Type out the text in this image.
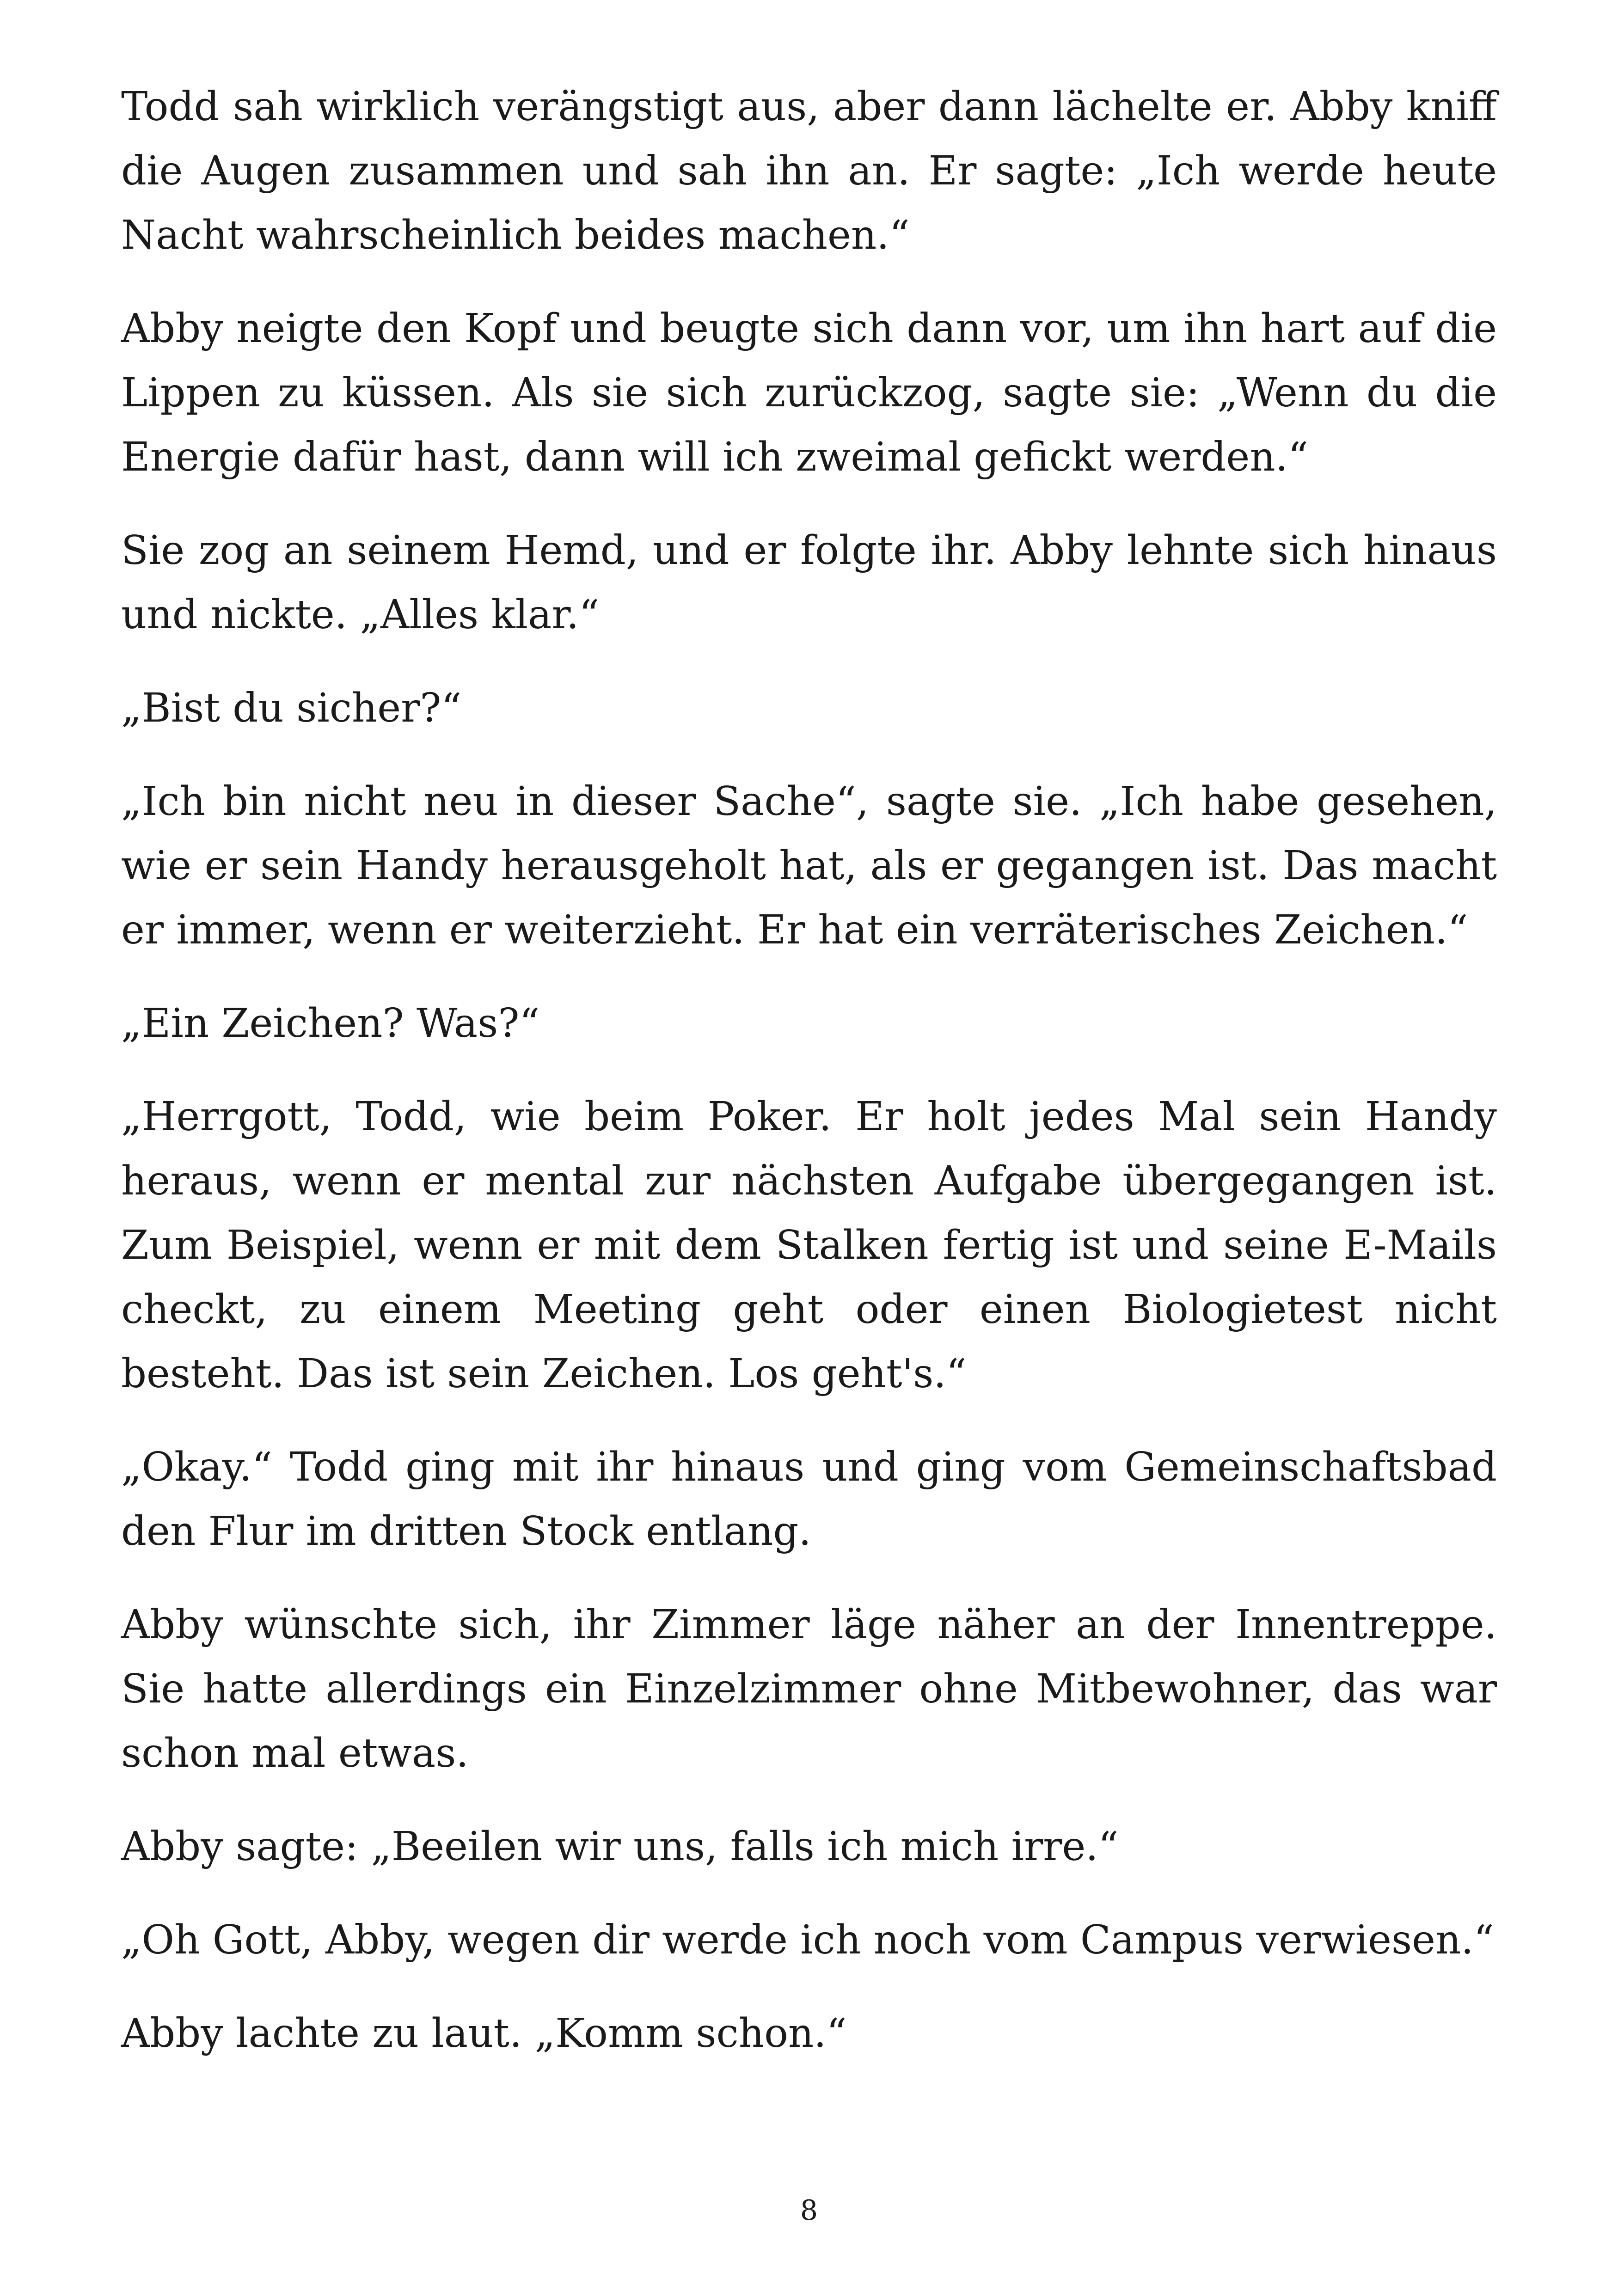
Todd sah wirklich verängstigt aus, aber dann lächelte er. Abby kniff die Augen zusammen und sah ihn an. Er sagte: „Ich werde heute Nacht wahrscheinlich beides machen.“

Abby neigte den Kopf und beugte sich dann vor, um ihn hart auf die Lippen zu küssen. Als sie sich zurückzog, sagte sie: „Wenn du die Energie dafür hast, dann will ich zweimal gefickt werden.“

Sie zog an seinem Hemd, und er folgte ihr. Abby lehnte sich hinaus und nickte. „Alles klar.“

„Bist du sicher?“

„Ich bin nicht neu in dieser Sache“, sagte sie. „Ich habe gesehen, wie er sein Handy herausgeholt hat, als er gegangen ist. Das macht er immer, wenn er weiterzieht. Er hat ein verräterisches Zeichen.“

„Ein Zeichen? Was?“

„Herrgott, Todd, wie beim Poker. Er holt jedes Mal sein Handy heraus, wenn er mental zur nächsten Aufgabe übergegangen ist. Zum Beispiel, wenn er mit dem Stalken fertig ist und seine E-Mails checkt, zu einem Meeting geht oder einen Biologietest nicht besteht. Das ist sein Zeichen. Los geht's.“

„Okay.“ Todd ging mit ihr hinaus und ging vom Gemeinschaftsbad den Flur im dritten Stock entlang.

Abby wünschte sich, ihr Zimmer läge näher an der Innentreppe. Sie hatte allerdings ein Einzelzimmer ohne Mitbewohner, das war schon mal etwas.

Abby sagte: „Beeilen wir uns, falls ich mich irre.“

„Oh Gott, Abby, wegen dir werde ich noch vom Campus verwiesen.“

Abby lachte zu laut. „Komm schon.“

8
